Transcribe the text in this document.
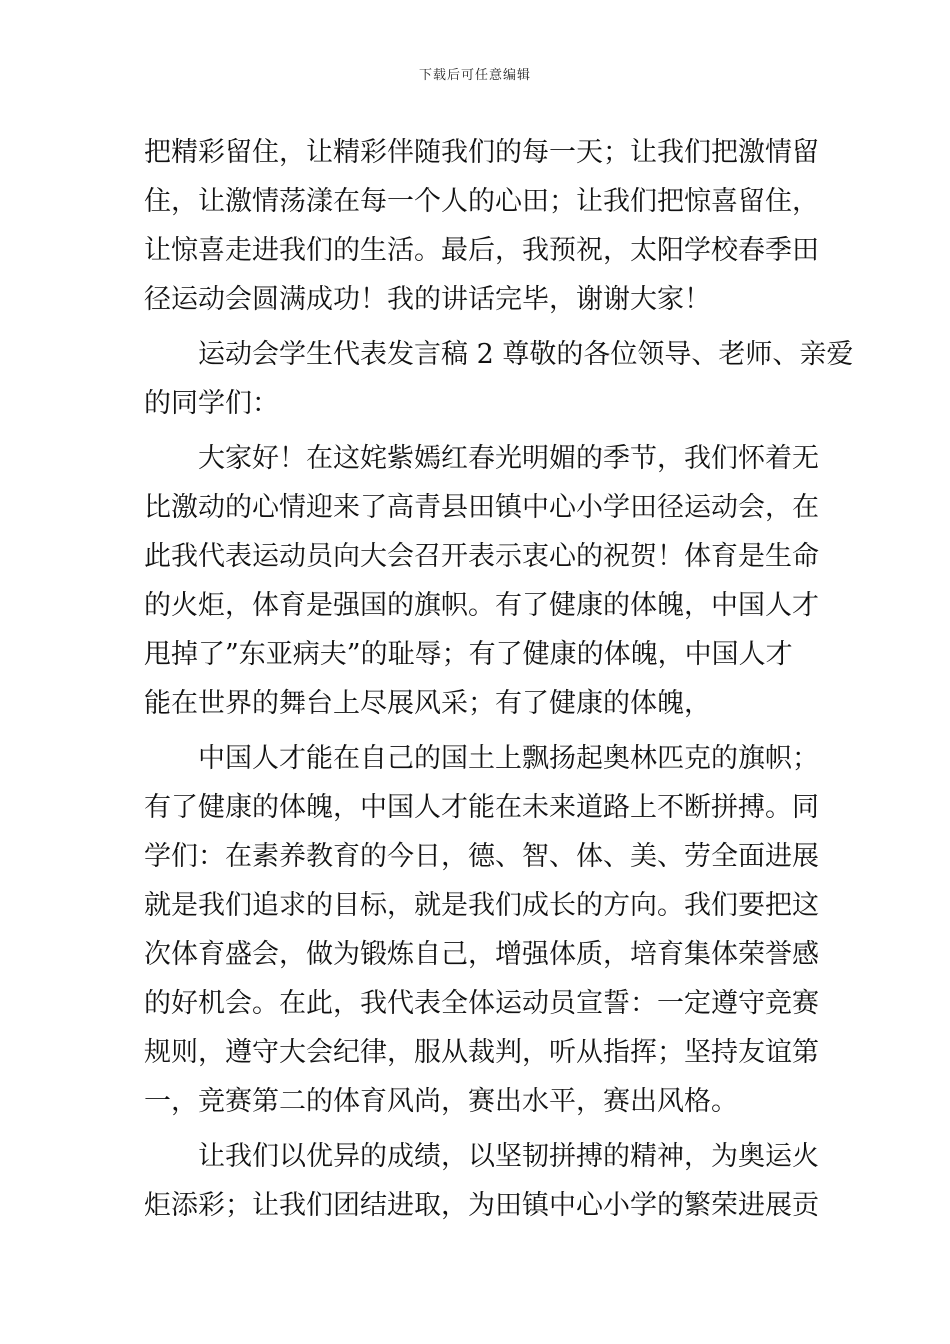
下载后可任意编辑
把精彩留住，让精彩伴随我们的每一天；让我们把激情留
住，让激情荡漾在每一个人的心田；让我们把惊喜留住，
让惊喜走进我们的生活。最后，我预祝，太阳学校春季田
径运动会圆满成功！我的讲话完毕，谢谢大家！
运动会学生代表发言稿 2 尊敬的各位领导、老师、亲爱
的同学们：
大家好！在这姹紫嫣红春光明媚的季节，我们怀着无
比激动的心情迎来了高青县田镇中心小学田径运动会，在
此我代表运动员向大会召开表示衷心的祝贺！体育是生命
的火炬，体育是强国的旗帜。有了健康的体魄，中国人才
甩掉了”东亚病夫”的耻辱；有了健康的体魄，中国人才
能在世界的舞台上尽展风采；有了健康的体魄，
中国人才能在自己的国土上飘扬起奥林匹克的旗帜；
有了健康的体魄，中国人才能在未来道路上不断拼搏。同
学们：在素养教育的今日，德、智、体、美、劳全面进展
就是我们追求的目标，就是我们成长的方向。我们要把这
次体育盛会，做为锻炼自己，增强体质，培育集体荣誉感
的好机会。在此，我代表全体运动员宣誓：一定遵守竞赛
规则，遵守大会纪律，服从裁判，听从指挥；坚持友谊第
一，竞赛第二的体育风尚，赛出水平，赛出风格。
让我们以优异的成绩，以坚韧拼搏的精神，为奥运火
炬添彩；让我们团结进取，为田镇中心小学的繁荣进展贡
